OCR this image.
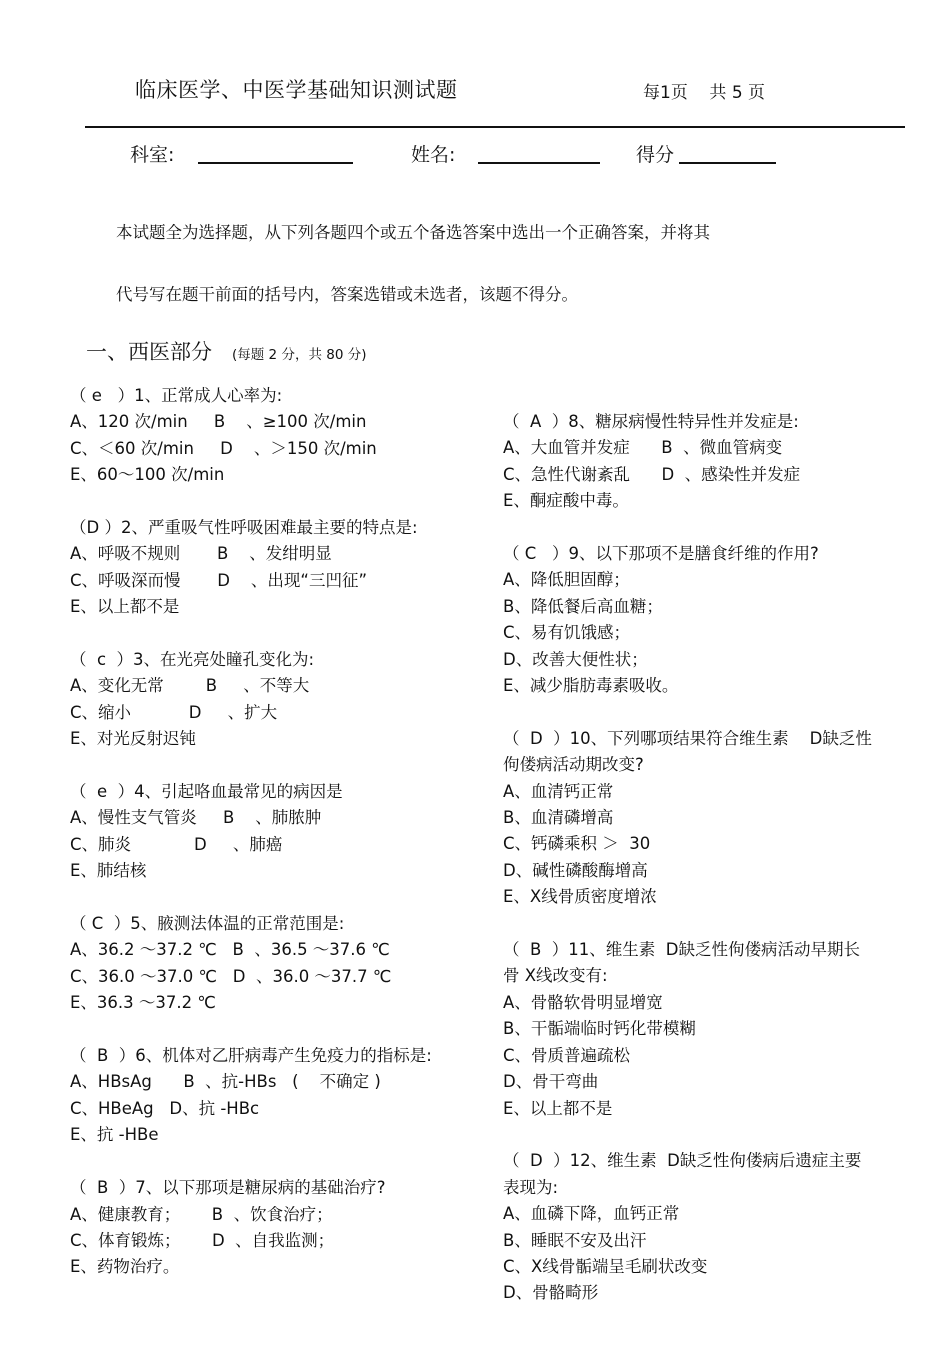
临床医学、中医学基础知识测试题	每1页    共 5 页
科室:	姓名:	得分
本试题全为选择题，从下列各题四个或五个备选答案中选出一个正确答案，并将其
代号写在题干前面的括号内，答案选错或未选者，该题不得分。
一、西医部分 (每题 2 分，共 80 分)
（ e   ）1、正常成人心率为:
A、120 次/min     B    、≥100 次/min
C、＜60 次/min     D    、＞150 次/min
E、60～100 次/min
（D ）2、严重吸气性呼吸困难最主要的特点是:
A、呼吸不规则       B    、发绀明显
C、呼吸深而慢       D    、出现“三凹征”
E、以上都不是
（  c  ）3、在光亮处瞳孔变化为:
A、变化无常        B     、不等大
C、缩小           D     、扩大
E、对光反射迟钝
（  e  ）4、引起咯血最常见的病因是
A、慢性支气管炎     B    、肺脓肿
C、肺炎            D     、肺癌
E、肺结核
（ C  ）5、腋测法体温的正常范围是:
A、36.2 ～37.2 ℃   B  、36.5 ～37.6 ℃
C、36.0 ～37.0 ℃   D  、36.0 ～37.7 ℃
E、36.3 ～37.2 ℃
（  B  ）6、机体对乙肝病毒产生免疫力的指标是:
A、HBsAg      B  、抗-HBs   (    不确定 )
C、HBeAg   D、抗 -HBc
E、抗 -HBe
（  B  ）7、以下那项是糖尿病的基础治疗?
A、健康教育；      B  、饮食治疗；
C、体育锻炼；      D  、自我监测；
E、药物治疗。
（  A  ）8、糖尿病慢性特异性并发症是:
A、大血管并发症      B  、微血管病变
C、急性代谢紊乱      D  、感染性并发症
E、酮症酸中毒。
（ C   ）9、以下那项不是膳食纤维的作用?
A、降低胆固醇；
B、降低餐后高血糖；
C、易有饥饿感；
D、改善大便性状；
E、减少脂肪毒素吸收。
（  D  ）10、下列哪项结果符合维生素    D缺乏性
佝偻病活动期改变?
A、血清钙正常
B、血清磷增高
C、钙磷乘积 ＞  30
D、碱性磷酸酶增高
E、X线骨质密度增浓
（  B  ）11、维生素  D缺乏性佝偻病活动早期长
骨 X线改变有:
A、骨骼软骨明显增宽
B、干骺端临时钙化带模糊
C、骨质普遍疏松
D、骨干弯曲
E、以上都不是
（  D  ）12、维生素  D缺乏性佝偻病后遗症主要
表现为:
A、血磷下降，血钙正常
B、睡眠不安及出汗
C、X线骨骺端呈毛刷状改变
D、骨骼畸形
